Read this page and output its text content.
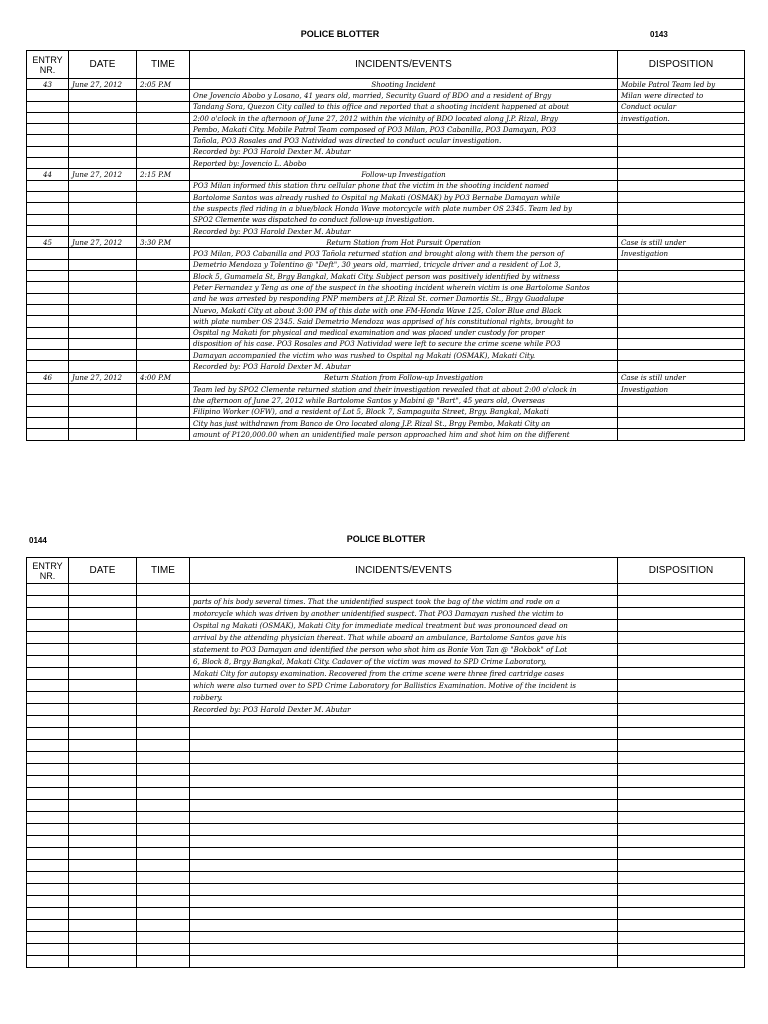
POLICE BLOTTER	0143
ENTRY NR.	DATE	TIME	INCIDENTS/EVENTS	DISPOSITION
43	June 27, 2012	2:05 P.M	Shooting Incident	Mobile Patrol Team led by
			One Jovencio Abobo y Losano, 41 years old, married, Security Guard of BDO and a resident of Brgy	Milan were directed to
			Tandang Sora, Quezon City called to this office and reported that a shooting incident happened at about	Conduct ocular
			2:00 o'clock in the afternoon of June 27, 2012 within the vicinity of BDO located along J.P. Rizal, Brgy	investigation.
			Pembo, Makati City. Mobile Patrol Team composed of PO3 Milan, PO3 Cabanilla, PO3 Damayan, PO3	
			Tañola, PO3 Rosales and PO3 Natividad was directed to conduct ocular investigation.	
			Recorded by: PO3 Harold Dexter M. Abutar	
			Reported by: Jovencio L. Abobo	
44	June 27, 2012	2:15 P.M	Follow-up Investigation	
			PO3 Milan informed this station thru cellular phone that the victim in the shooting incident named	
			Bartolome Santos was already rushed to Ospital ng Makati (OSMAK) by PO3 Bernabe Damayan while	
			the suspects fled riding in a blue/black Honda Wave motorcycle with plate number OS 2345. Team led by	
			SPO2 Clemente was dispatched to conduct follow-up investigation.	
			Recorded by: PO3 Harold Dexter M. Abutar	
45	June 27, 2012	3:30 P.M	Return Station from Hot Pursuit Operation	Case is still under
			PO3 Milan, PO3 Cabanilla and PO3 Tañola returned station and brought along with them the person of	Investigation
			Demetrio Mendoza y Tolentino @ "Deft", 30 years old, married, tricycle driver and a resident of Lot 3,	
			Block 5, Gumamela St, Brgy Bangkal, Makati City. Subject person was positively identified by witness	
			Peter Fernandez y Teng as one of the suspect in the shooting incident wherein victim is one Bartolome Santos	
			and he was arrested by responding PNP members at J.P. Rizal St. corner Damortis St., Brgy Guadalupe	
			Nuevo, Makati City at about 3:00 PM of this date with one FM-Honda Wave 125, Color Blue and Black	
			with plate number OS 2345. Said Demetrio Mendoza was apprised of his constitutional rights, brought to	
			Ospital ng Makati for physical and medical examination and was placed under custody for proper	
			disposition of his case. PO3 Rosales and PO3 Natividad were left to secure the crime scene while PO3	
			Damayan accompanied the victim who was rushed to Ospital ng Makati (OSMAK), Makati City.	
			Recorded by: PO3 Harold Dexter M. Abutar	
46	June 27, 2012	4:00 P.M	Return Station from Follow-up Investigation	Case is still under
			Team led by SPO2 Clemente returned station and their investigation revealed that at about 2:00 o'clock in	Investigation
			the afternoon of June 27, 2012 while Bartolome Santos y Mabini @ "Bart", 45 years old, Overseas	
			Filipino Worker (OFW), and a resident of Lot 5, Block 7, Sampaguita Street, Brgy. Bangkal, Makati	
			City has just withdrawn from Banco de Oro located along J.P. Rizal St., Brgy Pembo, Makati City an	
			amount of P120,000.00 when an unidentified male person approached him and shot him on the different	
0144	POLICE BLOTTER
ENTRY NR.	DATE	TIME	INCIDENTS/EVENTS	DISPOSITION

			parts of his body several times. That the unidentified suspect took the bag of the victim and rode on a	
			motorcycle which was driven by another unidentified suspect. That PO3 Damayan rushed the victim to	
			Ospital ng Makati (OSMAK), Makati City for immediate medical treatment but was pronounced dead on	
			arrival by the attending physician thereat. That while aboard an ambulance, Bartolome Santos gave his	
			statement to PO3 Damayan and identified the person who shot him as Bonie Von Tan @ "Bokbok" of Lot	
			6, Block 8, Brgy Bangkal, Makati City. Cadaver of the victim was moved to SPD Crime Laboratory,	
			Makati City for autopsy examination. Recovered from the crime scene were three fired cartridge cases	
			which were also turned over to SPD Crime Laboratory for Ballistics Examination. Motive of the incident is	
			robbery.	
			Recorded by: PO3 Harold Dexter M. Abutar	
